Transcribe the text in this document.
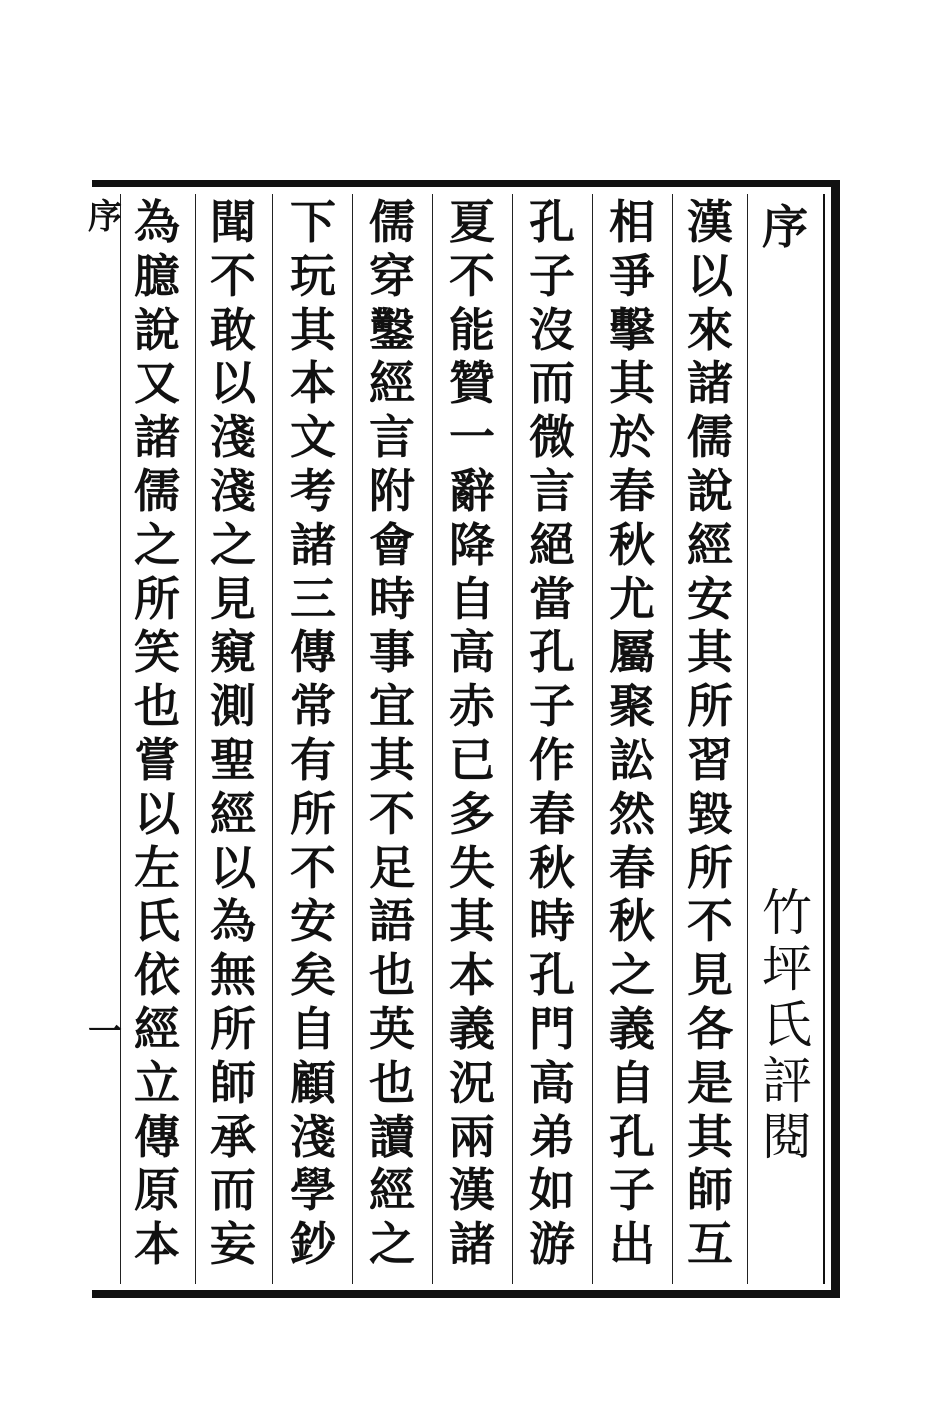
序
竹
坪
氏
評
閱
序
一
漢
以
來
諸
儒
說
經
安
其
所
習
毀
所
不
見
各
是
其
師
互
相
爭
擊
其
於
春
秋
尤
屬
聚
訟
然
春
秋
之
義
自
孔
子
出
孔
子
沒
而
微
言
絕
當
孔
子
作
春
秋
時
孔
門
高
弟
如
游
夏
不
能
贊
一
辭
降
自
高
赤
已
多
失
其
本
義
況
兩
漢
諸
儒
穿
鑿
經
言
附
會
時
事
宜
其
不
足
語
也
英
也
讀
經
之
下
玩
其
本
文
考
諸
三
傳
常
有
所
不
安
矣
自
顧
淺
學
鈔
聞
不
敢
以
淺
淺
之
見
窺
測
聖
經
以
為
無
所
師
承
而
妄
為
臆
說
又
諸
儒
之
所
笑
也
嘗
以
左
氏
依
經
立
傳
原
本
